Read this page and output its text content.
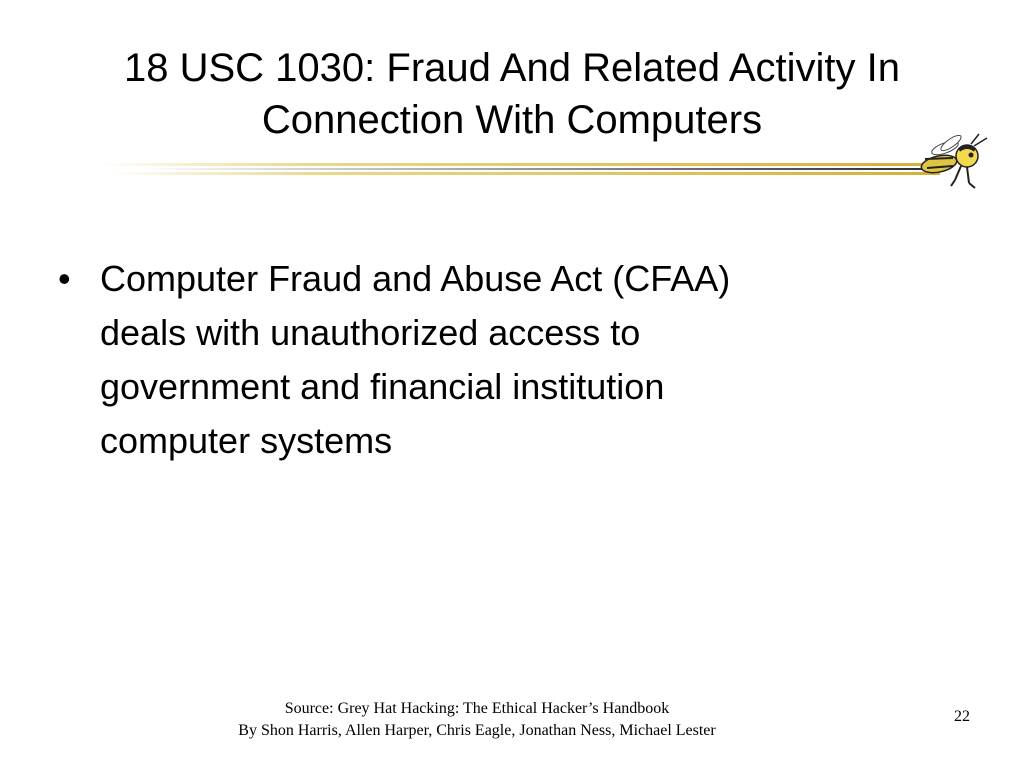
18 USC 1030: Fraud And Related Activity In
Connection With Computers
• Computer Fraud and Abuse Act (CFAA)
deals with unauthorized access to
government and financial institution
computer systems
Source: Grey Hat Hacking: The Ethical Hacker’s Handbook
By Shon Harris, Allen Harper, Chris Eagle, Jonathan Ness, Michael Lester
22
